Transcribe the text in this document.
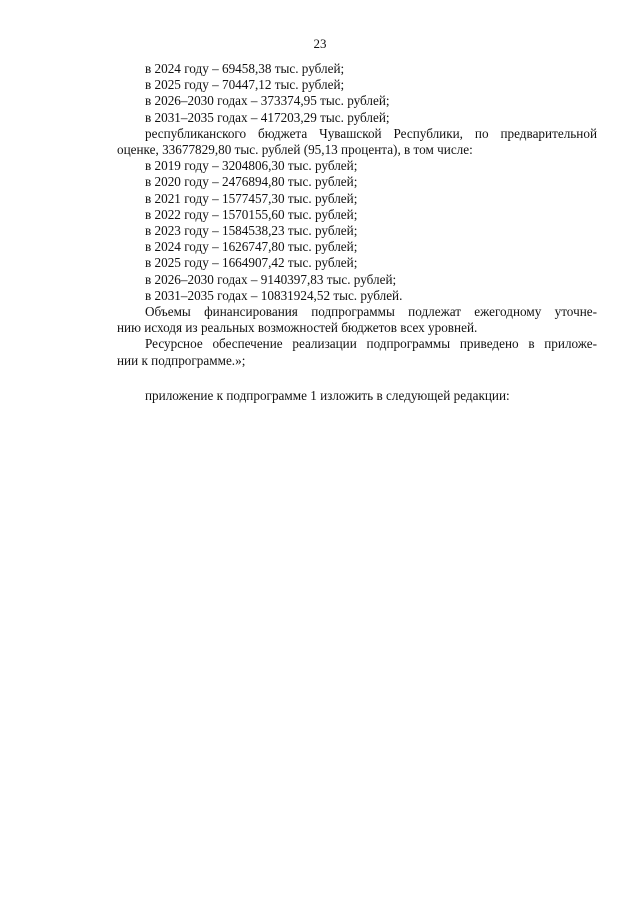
23
в 2024 году – 69458,38 тыс. рублей;
в 2025 году – 70447,12 тыс. рублей;
в 2026–2030 годах – 373374,95 тыс. рублей;
в 2031–2035 годах – 417203,29 тыс. рублей;
республиканского бюджета Чувашской Республики, по предварительной
оценке, 33677829,80 тыс. рублей (95,13 процента), в том числе:
в 2019 году – 3204806,30 тыс. рублей;
в 2020 году – 2476894,80 тыс. рублей;
в 2021 году – 1577457,30 тыс. рублей;
в 2022 году – 1570155,60 тыс. рублей;
в 2023 году – 1584538,23 тыс. рублей;
в 2024 году – 1626747,80 тыс. рублей;
в 2025 году – 1664907,42 тыс. рублей;
в 2026–2030 годах – 9140397,83 тыс. рублей;
в 2031–2035 годах – 10831924,52 тыс. рублей.
Объемы финансирования подпрограммы подлежат ежегодному уточне-
нию исходя из реальных возможностей бюджетов всех уровней.
Ресурсное обеспечение реализации подпрограммы приведено в приложе-
нии к подпрограмме.»;
приложение к подпрограмме 1 изложить в следующей редакции:
